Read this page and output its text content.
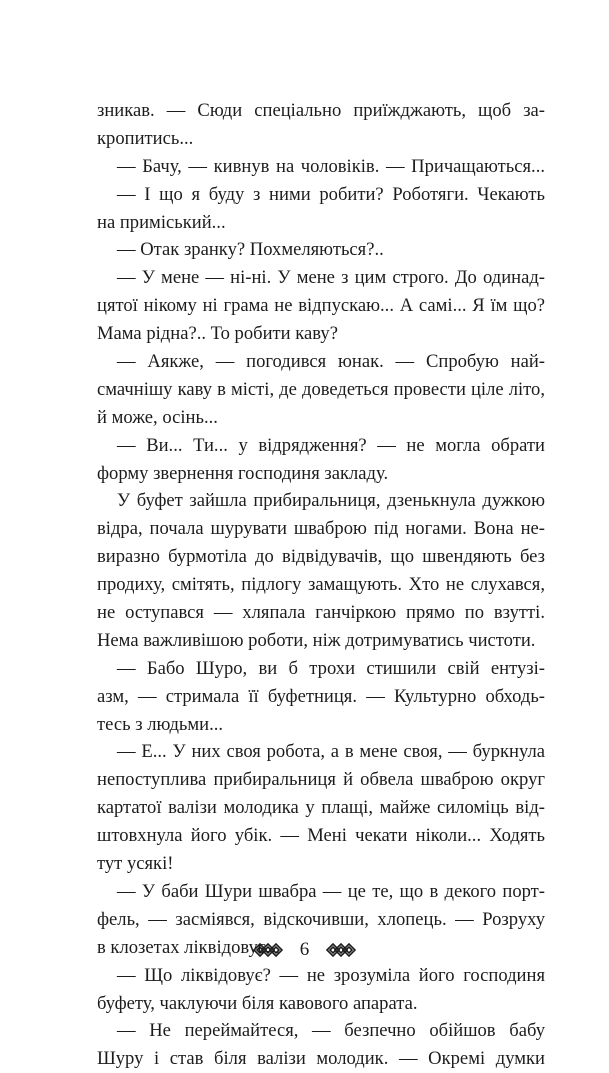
зникав. — Сюди спеціально приїжджають, щоб за-
кропитись...
— Бачу, — кивнув на чоловіків. — Причащаються...
— І що я буду з ними робити? Роботяги. Чекають
на приміський...
— Отак зранку? Похмеляються?..
— У мене — ні-ні. У мене з цим строго. До одинад-
цятої нікому ні грама не відпускаю... А самі... Я їм що?
Мама рідна?.. То робити каву?
— Аякже, — погодився юнак. — Спробую най-
смачнішу каву в місті, де доведеться провести ціле літо,
й може, осінь...
— Ви... Ти... у відрядження? — не могла обрати
форму звернення господиня закладу.
У буфет зайшла прибиральниця, дзенькнула дужкою
відра, почала шурувати шваброю під ногами. Вона не-
виразно бурмотіла до відвідувачів, що швендяють без
продиху, смітять, підлогу замащують. Хто не слухався,
не оступався — хляпала ганчіркою прямо по взутті.
Нема важливішою роботи, ніж дотримуватись чистоти.
— Бабо Шуро, ви б трохи стишили свій ентузі-
азм, — стримала її буфетниця. — Культурно обходь-
тесь з людьми...
— Е... У них своя робота, а в мене своя, — буркнула
непоступлива прибиральниця й обвела шваброю округ
картатої валізи молодика у плащі, майже силоміць від-
штовхнула його убік. — Мені чекати ніколи... Ходять
тут усякі!
— У баби Шури швабра — це те, що в декого порт-
фель, — засміявся, відскочивши, хлопець. — Розруху
в клозетах ліквідовує...
— Що ліквідовує? — не зрозуміла його господиня
буфету, чаклуючи біля кавового апарата.
— Не переймайтеся, — безпечно обійшов бабу
Шуру і став біля валізи молодик. — Окремі думки
6
